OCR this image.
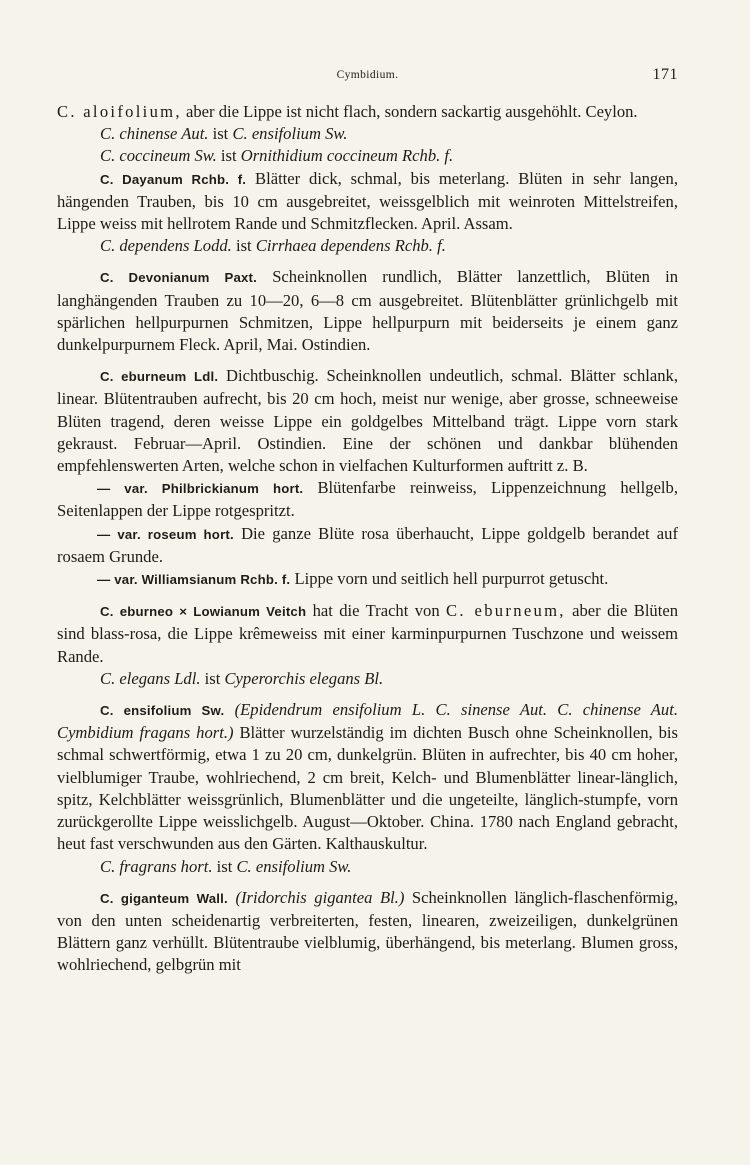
Cymbidium.	171

C. aloifolium, aber die Lippe ist nicht flach, sondern sackartig ausgehöhlt. Ceylon.

C. chinense Aut. ist C. ensifolium Sw.

C. coccineum Sw. ist Ornithidium coccineum Rchb. f.

C. Dayanum Rchb. f. Blätter dick, schmal, bis meterlang. Blüten in sehr langen, hängenden Trauben, bis 10 cm ausgebreitet, weissgelblich mit weinroten Mittelstreifen, Lippe weiss mit hellrotem Rande und Schmitzflecken. April. Assam.

C. dependens Lodd. ist Cirrhaea dependens Rchb. f.

C. Devonianum Paxt. Scheinknollen rundlich, Blätter lanzettlich, Blüten in langhängenden Trauben zu 10—20, 6—8 cm ausgebreitet. Blütenblätter grünlichgelb mit spärlichen hellpurpurnen Schmitzen, Lippe hellpurpurn mit beiderseits je einem ganz dunkelpurpurnem Fleck. April, Mai. Ostindien.

C. eburneum Ldl. Dichtbuschig. Scheinknollen undeutlich, schmal. Blätter schlank, linear. Blütentrauben aufrecht, bis 20 cm hoch, meist nur wenige, aber grosse, schneeweise Blüten tragend, deren weisse Lippe ein goldgelbes Mittelband trägt. Lippe vorn stark gekraust. Februar—April. Ostindien. Eine der schönen und dankbar blühenden empfehlenswerten Arten, welche schon in vielfachen Kulturformen auftritt z. B.

— var. Philbrickianum hort. Blütenfarbe reinweiss, Lippenzeichnung hellgelb, Seitenlappen der Lippe rotgespritzt.

— var. roseum hort. Die ganze Blüte rosa überhaucht, Lippe goldgelb berandet auf rosaem Grunde.

— var. Williamsianum Rchb. f. Lippe vorn und seitlich hell purpurrot getuscht.

C. eburneo × Lowianum Veitch hat die Tracht von C. eburneum, aber die Blüten sind blass-rosa, die Lippe krêmeweiss mit einer karminpurpurnen Tuschzone und weissem Rande.

C. elegans Ldl. ist Cyperorchis elegans Bl.

C. ensifolium Sw. (Epidendrum ensifolium L. C. sinense Aut. C. chinense Aut. Cymbidium fragans hort.) Blätter wurzelständig im dichten Busch ohne Scheinknollen, bis schmal schwertförmig, etwa 1 zu 20 cm, dunkelgrün. Blüten in aufrechter, bis 40 cm hoher, vielblumiger Traube, wohlriechend, 2 cm breit, Kelch- und Blumenblätter linear-länglich, spitz, Kelchblätter weissgrünlich, Blumenblätter und die ungeteilte, länglich-stumpfe, vorn zurückgerollte Lippe weisslichgelb. August—Oktober. China. 1780 nach England gebracht, heut fast verschwunden aus den Gärten. Kalthauskultur.

C. fragrans hort. ist C. ensifolium Sw.

C. giganteum Wall. (Iridorchis gigantea Bl.) Scheinknollen länglich-flaschenförmig, von den unten scheidenartig verbreiterten, festen, linearen, zweizeiligen, dunkelgrünen Blättern ganz verhüllt. Blütentraube vielblumig, überhängend, bis meterlang. Blumen gross, wohlriechend, gelbgrün mit
